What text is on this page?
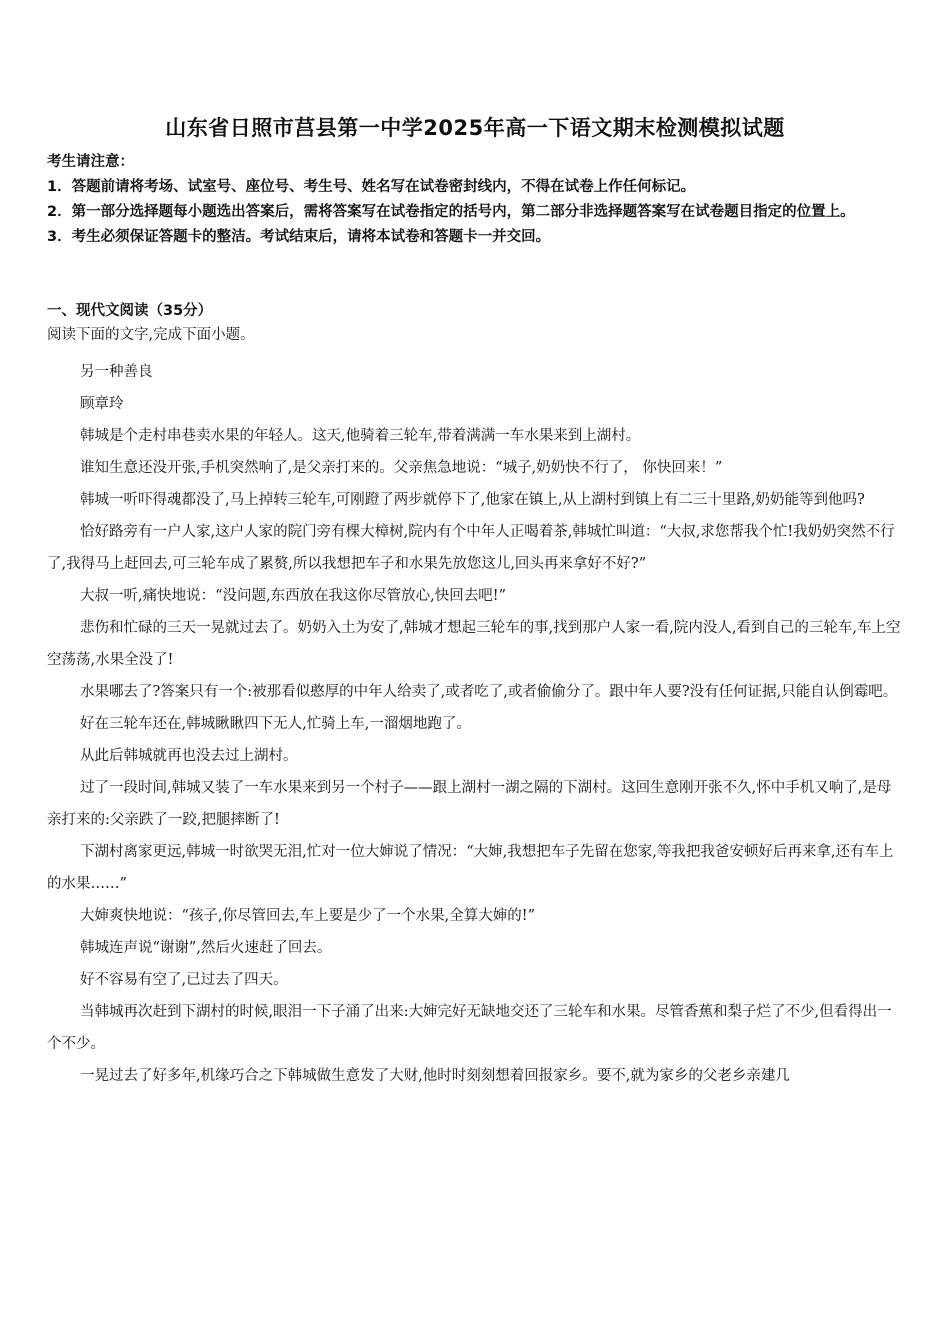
山东省日照市莒县第一中学2025年高一下语文期末检测模拟试题
考生请注意：
1．答题前请将考场、试室号、座位号、考生号、姓名写在试卷密封线内，不得在试卷上作任何标记。
2．第一部分选择题每小题选出答案后，需将答案写在试卷指定的括号内，第二部分非选择题答案写在试卷题目指定的位置上。
3．考生必须保证答题卡的整洁。考试结束后，请将本试卷和答题卡一并交回。
一、现代文阅读（35分）
阅读下面的文字,完成下面小题。

另一种善良

顾章玲

韩城是个走村串巷卖水果的年轻人。这天,他骑着三轮车,带着满满一车水果来到上湖村。

谁知生意还没开张,手机突然响了,是父亲打来的。父亲焦急地说：“城子,奶奶快不行了， 你快回来！”

韩城一听吓得魂都没了,马上掉转三轮车,可刚蹬了两步就停下了,他家在镇上,从上湖村到镇上有二三十里路,奶奶能等到他吗?

恰好路旁有一户人家,这户人家的院门旁有棵大樟树,院内有个中年人正喝着茶,韩城忙叫道：“大叔,求您帮我个忙!我奶奶突然不行了,我得马上赶回去,可三轮车成了累赘,所以我想把车子和水果先放您这儿,回头再来拿好不好?”

大叔一听,痛快地说：“没问题,东西放在我这你尽管放心,快回去吧!”

悲伤和忙碌的三天一晃就过去了。奶奶入土为安了,韩城才想起三轮车的事,找到那户人家一看,院内没人,看到自己的三轮车,车上空空荡荡,水果全没了!

水果哪去了?答案只有一个:被那看似憨厚的中年人给卖了,或者吃了,或者偷偷分了。跟中年人要?没有任何证据,只能自认倒霉吧。

好在三轮车还在,韩城瞅瞅四下无人,忙骑上车,一溜烟地跑了。

从此后韩城就再也没去过上湖村。

过了一段时间,韩城又装了一车水果来到另一个村子——跟上湖村一湖之隔的下湖村。这回生意刚开张不久,怀中手机又响了,是母亲打来的:父亲跌了一跤,把腿摔断了!

下湖村离家更远,韩城一时欲哭无泪,忙对一位大婶说了情况：“大婶,我想把车子先留在您家,等我把我爸安顿好后再来拿,还有车上的水果……”

大婶爽快地说：“孩子,你尽管回去,车上要是少了一个水果,全算大婶的!”

韩城连声说“谢谢”,然后火速赶了回去。

好不容易有空了,已过去了四天。

当韩城再次赶到下湖村的时候,眼泪一下子涌了出来:大婶完好无缺地交还了三轮车和水果。尽管香蕉和梨子烂了不少,但看得出一个不少。

一晃过去了好多年,机缘巧合之下韩城做生意发了大财,他时时刻刻想着回报家乡。要不,就为家乡的父老乡亲建几
